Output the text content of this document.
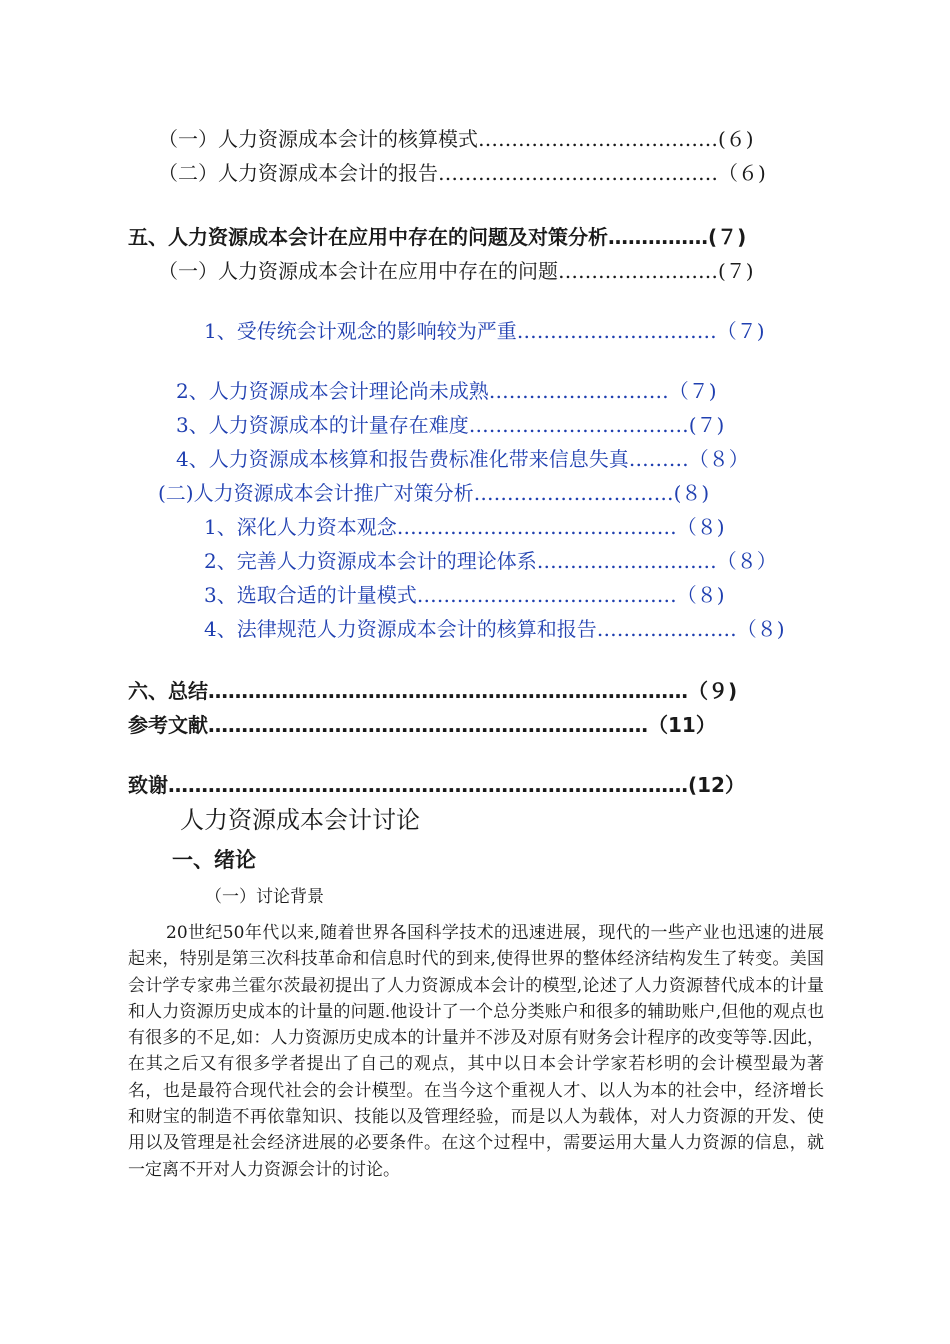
（一）人力资源成本会计的核算模式………………………………(６)
（二）人力资源成本会计的报告……………………………………（６)
五、人力资源成本会计在应用中存在的问题及对策分析……………(７)
（一）人力资源成本会计在应用中存在的问题……………………(７)
1、受传统会计观念的影响较为严重…………………………（７)
2、人力资源成本会计理论尚未成熟………………………（７)
3、人力资源成本的计量存在难度……………………………(７)
4、人力资源成本核算和报告费标准化带来信息失真………（８）
(二)人力资源成本会计推广对策分析…………………………(８)
1、深化人力资本观念……………………………………（８)
2、完善人力资源成本会计的理论体系………………………（８）
3、选取合适的计量模式…………………………………（８)
4、法律规范人力资源成本会计的核算和报告…………………（８)
六、总结………………………………………………………………（９)
参考文献…………………………………………………………（11）
致谢……………………………………………………………………(12）
人力资源成本会计讨论
一、绪论
（一）讨论背景
20世纪50年代以来,随着世界各国科学技术的迅速进展，现代的一些产业也迅速的进展起来，特别是第三次科技革命和信息时代的到来,使得世界的整体经济结构发生了转变。美国会计学专家弗兰霍尔茨最初提出了人力资源成本会计的模型,论述了人力资源替代成本的计量和人力资源历史成本的计量的问题.他设计了一个总分类账户和很多的辅助账户,但他的观点也有很多的不足,如：人力资源历史成本的计量并不涉及对原有财务会计程序的改变等等.因此，在其之后又有很多学者提出了自己的观点，其中以日本会计学家若杉明的会计模型最为著名，也是最符合现代社会的会计模型。在当今这个重视人才、以人为本的社会中，经济增长和财宝的制造不再依靠知识、技能以及管理经验，而是以人为载体，对人力资源的开发、使用以及管理是社会经济进展的必要条件。在这个过程中，需要运用大量人力资源的信息，就一定离不开对人力资源会计的讨论。
